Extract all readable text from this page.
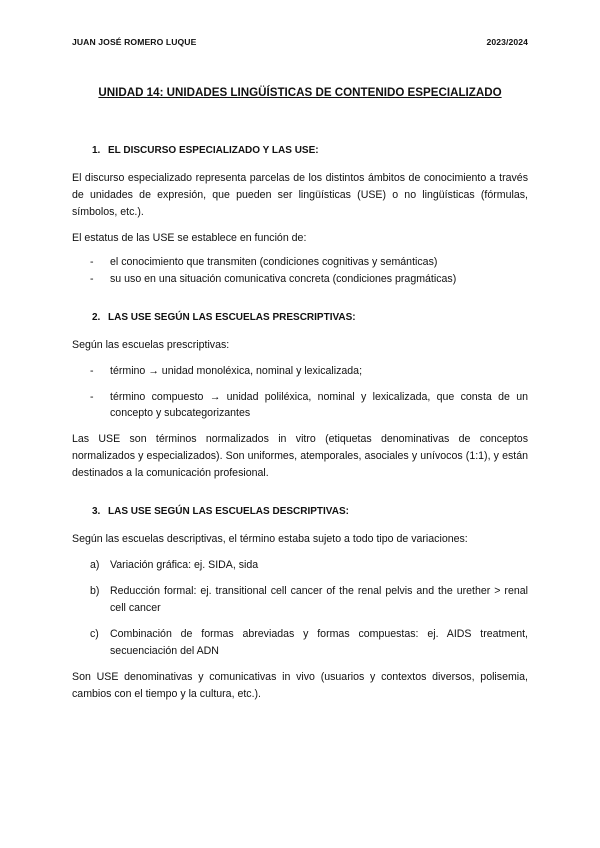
JUAN JOSÉ ROMERO LUQUE	2023/2024
UNIDAD 14: UNIDADES LINGÜÍSTICAS DE CONTENIDO ESPECIALIZADO
1. EL DISCURSO ESPECIALIZADO Y LAS USE:

El discurso especializado representa parcelas de los distintos ámbitos de conocimiento a través de unidades de expresión, que pueden ser lingüísticas (USE) o no lingüísticas (fórmulas, símbolos, etc.).

El estatus de las USE se establece en función de:

- el conocimiento que transmiten (condiciones cognitivas y semánticas)
- su uso en una situación comunicativa concreta (condiciones pragmáticas)
2. LAS USE SEGÚN LAS ESCUELAS PRESCRIPTIVAS:

Según las escuelas prescriptivas:

- término → unidad monoléxica, nominal y lexicalizada;
- término compuesto → unidad poliléxica, nominal y lexicalizada, que consta de un concepto y subcategorizantes

Las USE son términos normalizados in vitro (etiquetas denominativas de conceptos normalizados y especializados). Son uniformes, atemporales, asociales y unívocos (1:1), y están destinados a la comunicación profesional.

3. LAS USE SEGÚN LAS ESCUELAS DESCRIPTIVAS:

Según las escuelas descriptivas, el término estaba sujeto a todo tipo de variaciones:

a) Variación gráfica: ej. SIDA, sida
b) Reducción formal: ej. transitional cell cancer of the renal pelvis and the urether > renal cell cancer
c) Combinación de formas abreviadas y formas compuestas: ej. AIDS treatment, secuenciación del ADN

Son USE denominativas y comunicativas in vivo (usuarios y contextos diversos, polisemia, cambios con el tiempo y la cultura, etc.).
